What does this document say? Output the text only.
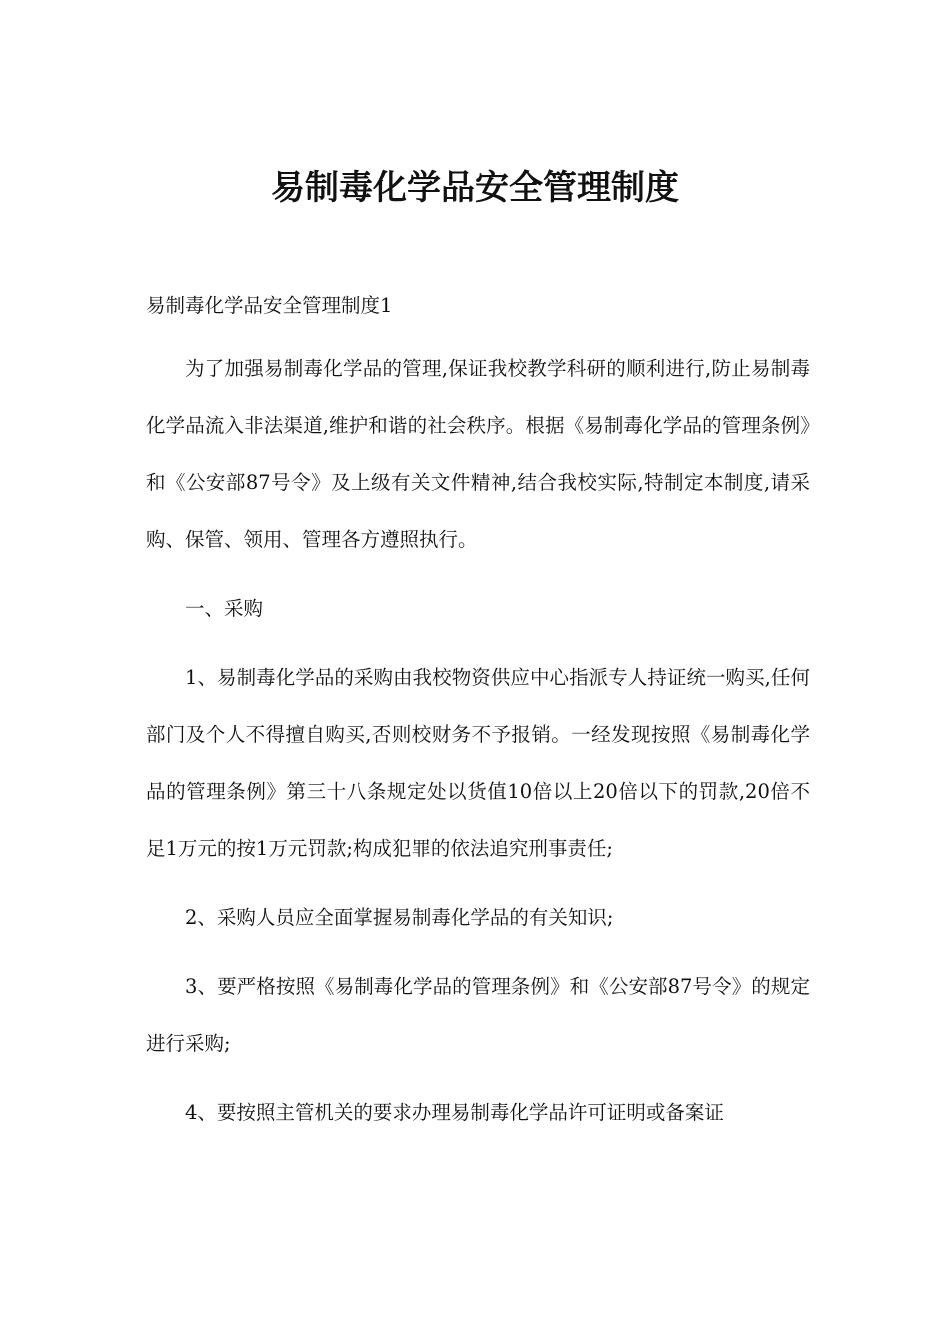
易制毒化学品安全管理制度

易制毒化学品安全管理制度1

为了加强易制毒化学品的管理,保证我校教学科研的顺利进行,防止易制毒化学品流入非法渠道,维护和谐的社会秩序。根据《易制毒化学品的管理条例》和《公安部87号令》及上级有关文件精神,结合我校实际,特制定本制度,请采购、保管、领用、管理各方遵照执行。

一、采购

1、易制毒化学品的采购由我校物资供应中心指派专人持证统一购买,任何部门及个人不得擅自购买,否则校财务不予报销。一经发现按照《易制毒化学品的管理条例》第三十八条规定处以货值10倍以上20倍以下的罚款,20倍不足1万元的按1万元罚款;构成犯罪的依法追究刑事责任;

2、采购人员应全面掌握易制毒化学品的有关知识;

3、要严格按照《易制毒化学品的管理条例》和《公安部87号令》的规定进行采购;

4、要按照主管机关的要求办理易制毒化学品许可证明或备案证
